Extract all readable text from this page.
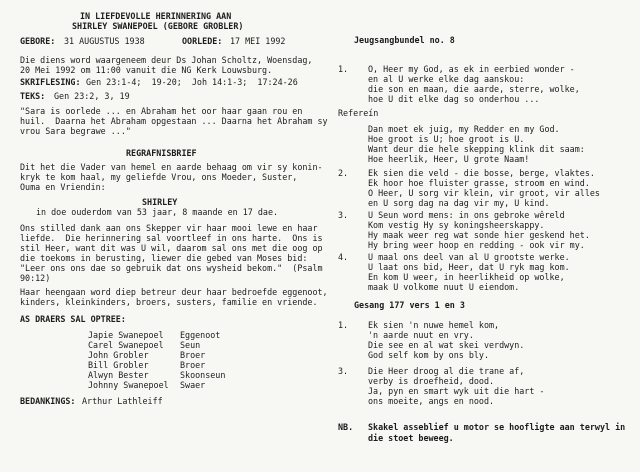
IN LIEFDEVOLLE HERINNERING AAN
SHIRLEY SWANEPOEL (GEBORE GROBLER)
GEBORE: 31 AUGUSTUS 1938	OORLEDE: 17 MEI 1992
Die diens word waargeneem deur Ds Johan Scholtz, Woensdag,
20 Mei 1992 om 11:00 vanuit die NG Kerk Louwsburg.
SKRIFLESING: Gen 23:1-4;  19-20;  Joh 14:1-3;  17:24-26
TEKS: Gen 23:2, 3, 19
"Sara is oorlede ... en Abraham het oor haar gaan rou en
huil.  Daarna het Abraham opgestaan ... Daarna het Abraham sy
vrou Sara begrawe ..."
REGRAFNISBRIEF
Dit het die Vader van hemel en aarde behaag om vir sy konin-
kryk te kom haal, my geliefde Vrou, ons Moeder, Suster,
Ouma en Vriendin:
SHIRLEY
in doe ouderdom van 53 jaar, 8 maande en 17 dae.
Ons stilled dank aan ons Skepper vir haar mooi lewe en haar
liefde.  Die herinnering sal voortleef in ons harte.  Ons is
stil Heer, want dit was U wil, daarom sal ons met die oog op
die toekoms in berusting, liewer die gebed van Moses bid:
"Leer ons ons dae so gebruik dat ons wysheid bekom."  (Psalm
90:12)
Haar heengaan word diep betreur deur haar bedroefde eggenoot,
kinders, kleinkinders, broers, susters, familie en vriende.
AS DRAERS SAL OPTREE:
Japie Swanepoel Eggenoot
Carel Swanepoel Seun
John Grobler	Broer
Bill Grobler	Broer
Alwyn Bester	Skoonseun
Johnny Swanepoel Swaer
BEDANKINGS: Arthur Lathleiff
Jeugsangbundel no. 8
1. O, Heer my God, as ek in eerbied wonder -
en al U werke elke dag aanskou:
die son en maan, die aarde, sterre, wolke,
hoe U dit elke dag so onderhou ...
Refereín
Dan moet ek juig, my Redder en my God.
Hoe groot is U; hoe groot is U.
Want deur die hele skepping klink dit saam:
Hoe heerlik, Heer, U grote Naam!
2. Ek sien die veld - die bosse, berge, vlaktes.
Ek hoor hoe fluister grasse, stroom en wind.
O Heer, U sorg vir klein, vir groot, vir alles
en U sorg dag na dag vir my, U kind.
3. U Seun word mens: in ons gebroke wêreld
Kom vestig Hy sy koningsheerskappy.
Hy maak weer reg wat sonde hier geskend het.
Hy bring weer hoop en redding - ook vir my.
4. U maal ons deel van al U grootste werke.
U laat ons bid, Heer, dat U ryk mag kom.
En kom U weer, in heerlikheid op wolke,
maak U volkome nuut U eiendom.
Gesang 177 vers 1 en 3
1. Ek sien 'n nuwe hemel kom,
'n aarde nuut en vry.
Die see en al wat skei verdwyn.
God self kom by ons bly.
3. Die Heer droog al die trane af,
verby is droefheid, dood.
Ja, pyn en smart wyk uit die hart -
ons moeite, angs en nood.
NB. Skakel asseblief u motor se hoofligte aan terwyl in
die stoet beweeg.
